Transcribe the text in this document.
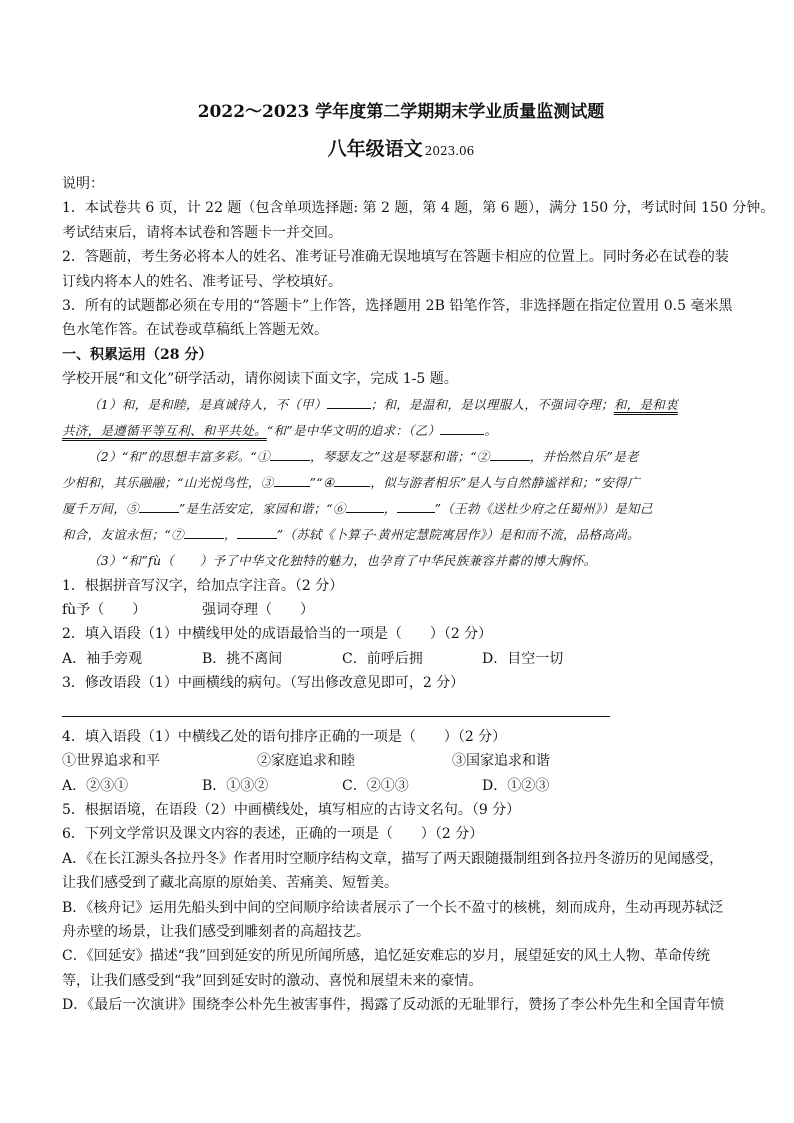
2022～2023 学年度第二学期期末学业质量监测试题
八年级语文 2023.06
说明：
1．本试卷共 6 页，计 22 题（包含单项选择题: 第 2 题，第 4 题，第 6 题），满分 150 分，考试时间 150 分钟。
考试结束后，请将本试卷和答题卡一并交回。
2．答题前，考生务必将本人的姓名、准考证号准确无误地填写在答题卡相应的位置上。同时务必在试卷的装
订线内将本人的姓名、准考证号、学校填好。
3．所有的试题都必须在专用的“答题卡”上作答，选择题用 2B 铅笔作答，非选择题在指定位置用 0.5 毫米黑
色水笔作答。在试卷或草稿纸上答题无效。
一、积累运用（28 分）
学校开展“和文化”研学活动，请你阅读下面文字，完成 1-5 题。
（1）和，是和睦，是真诚待人，不（甲）	；和，是温和，是以理服人，不强词夺理；和，是和衷
共济，是遵循平等互利、和平共处。“和”是中华文明的追求：（乙）	。
（2）“和”的思想丰富多彩。“①	，琴瑟友之”这是琴瑟和谐；“②	，并怡然自乐”是老
少相和，其乐融融；“山光悦鸟性，③	”“④	，似与游者相乐”是人与自然静谧祥和；“安得广
厦千万间，⑤	”是生活安定，家园和谐；“⑥	，	”（王勃《送杜少府之任蜀州》）是知己
和合，友谊永恒；“⑦	，	”（苏轼《卜算子·黄州定慧院寓居作》）是和而不流，品格高尚。
（3）“和”fù（　　）予了中华文化独特的魅力，也孕育了中华民族兼容并蓄的博大胸怀。
1．根据拼音写汉字，给加点字注音。（2 分）
fù予（　　）	强词夺理（　　）
2．填入语段（1）中横线甲处的成语最恰当的一项是（　　）（2 分）
A．袖手旁观	B．挑不离间	C．前呼后拥	D．目空一切
3．修改语段（1）中画横线的病句。（写出修改意见即可，2 分）
4．填入语段（1）中横线乙处的语句排序正确的一项是（　　）（2 分）
①世界追求和平	②家庭追求和睦	③国家追求和谐
A．②③①	B．①③②	C．②①③	D．①②③
5．根据语境，在语段（2）中画横线处，填写相应的古诗文名句。（9 分）
6．下列文学常识及课文内容的表述，正确的一项是（　　）（2 分）
A．《在长江源头各拉丹冬》作者用时空顺序结构文章，描写了两天跟随摄制组到各拉丹冬游历的见闻感受，
让我们感受到了藏北高原的原始美、苦痛美、短暂美。
B．《核舟记》运用先船头到中间的空间顺序给读者展示了一个长不盈寸的核桃，刻而成舟，生动再现苏轼泛
舟赤壁的场景，让我们感受到雕刻者的高超技艺。
C．《回延安》描述“我”回到延安的所见所闻所感，追忆延安难忘的岁月，展望延安的风土人物、革命传统
等，让我们感受到“我”回到延安时的激动、喜悦和展望未来的豪情。
D．《最后一次演讲》围绕李公朴先生被害事件，揭露了反动派的无耻罪行，赞扬了李公朴先生和全国青年愤
